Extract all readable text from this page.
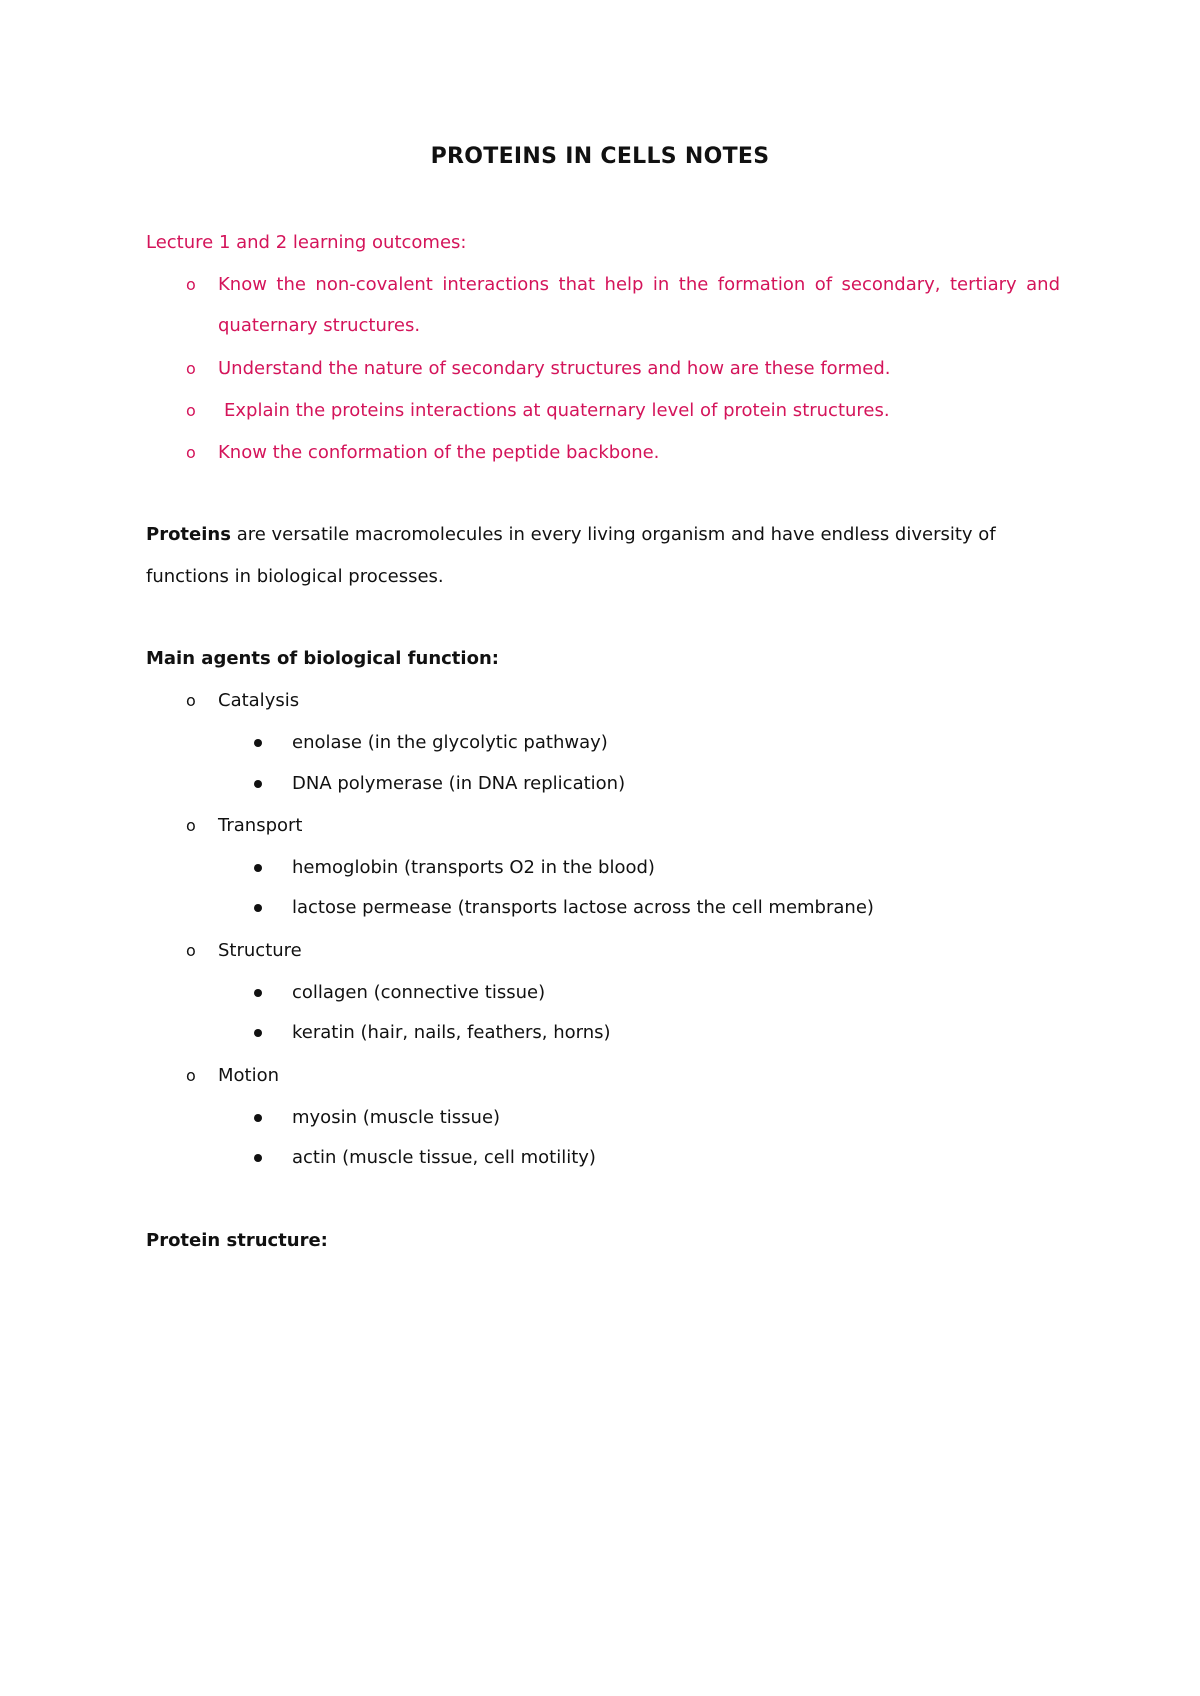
PROTEINS IN CELLS NOTES
Lecture 1 and 2 learning outcomes:
o Know the non-covalent interactions that help in the formation of secondary, tertiary and
quaternary structures.
o Understand the nature of secondary structures and how are these formed.
o Explain the proteins interactions at quaternary level of protein structures.
o Know the conformation of the peptide backbone.
Proteins are versatile macromolecules in every living organism and have endless diversity of
functions in biological processes.
Main agents of biological function:
o Catalysis
enolase (in the glycolytic pathway)
DNA polymerase (in DNA replication)
o Transport
hemoglobin (transports O2 in the blood)
lactose permease (transports lactose across the cell membrane)
o Structure
collagen (connective tissue)
keratin (hair, nails, feathers, horns)
o Motion
myosin (muscle tissue)
actin (muscle tissue, cell motility)
Protein structure:
